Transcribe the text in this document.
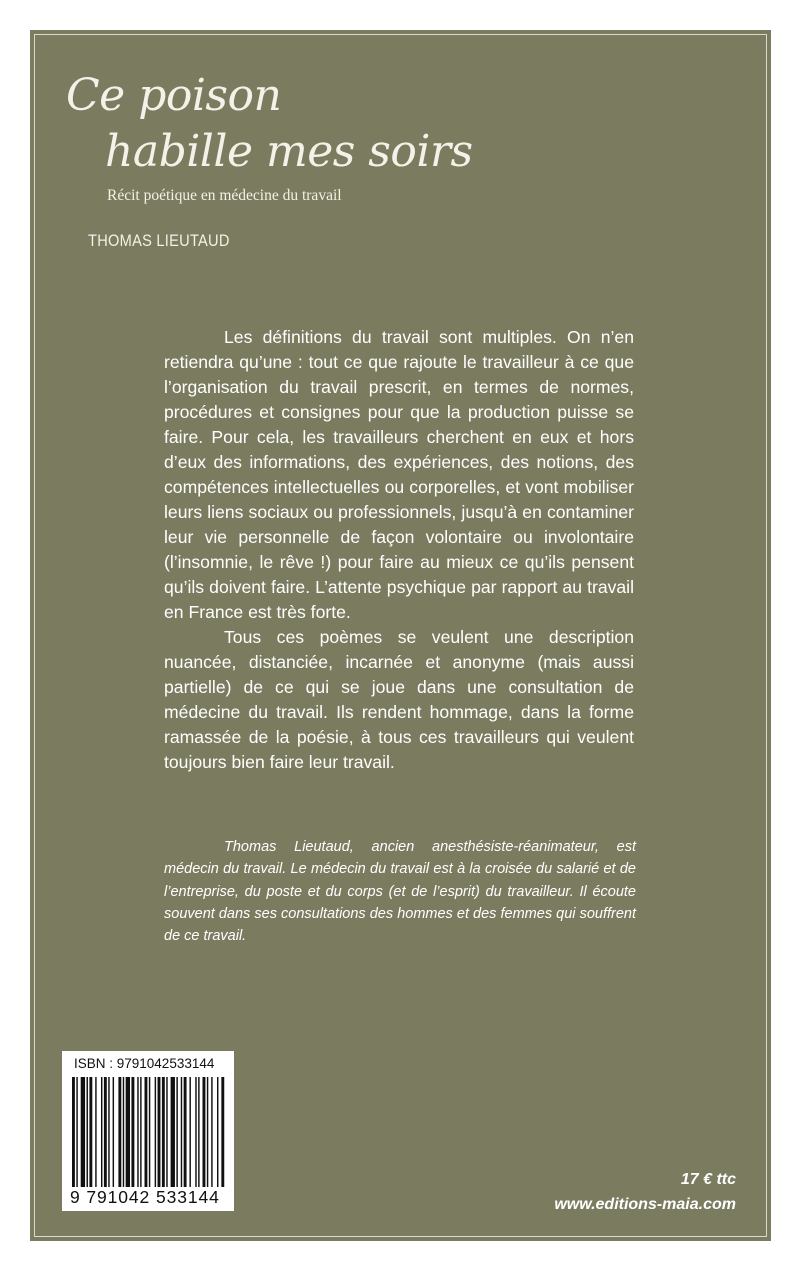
Ce poison
habille mes soirs
Récit poétique en médecine du travail
THOMAS LIEUTAUD

Les définitions du travail sont multiples. On n’en retiendra qu’une : tout ce que rajoute le travailleur à ce que l’organisation du travail prescrit, en termes de normes, procédures et consignes pour que la production puisse se faire. Pour cela, les travailleurs cherchent en eux et hors d’eux des informations, des expériences, des notions, des compétences intellectuelles ou corporelles, et vont mobiliser leurs liens sociaux ou professionnels, jusqu’à en contaminer leur vie personnelle de façon volontaire ou involontaire (l’insomnie, le rêve !) pour faire au mieux ce qu’ils pensent qu’ils doivent faire. L’attente psychique par rapport au travail en France est très forte.

Tous ces poèmes se veulent une description nuancée, distanciée, incarnée et anonyme (mais aussi partielle) de ce qui se joue dans une consultation de médecine du travail. Ils rendent hommage, dans la forme ramassée de la poésie, à tous ces travailleurs qui veulent toujours bien faire leur travail.

Thomas Lieutaud, ancien anesthésiste-réanimateur, est médecin du travail. Le médecin du travail est à la croisée du salarié et de l’entreprise, du poste et du corps (et de l’esprit) du travailleur. Il écoute souvent dans ses consultations des hommes et des femmes qui souffrent de ce travail.

ISBN : 9791042533144
9 791042 533144
17 € ttc
www.editions-maia.com
